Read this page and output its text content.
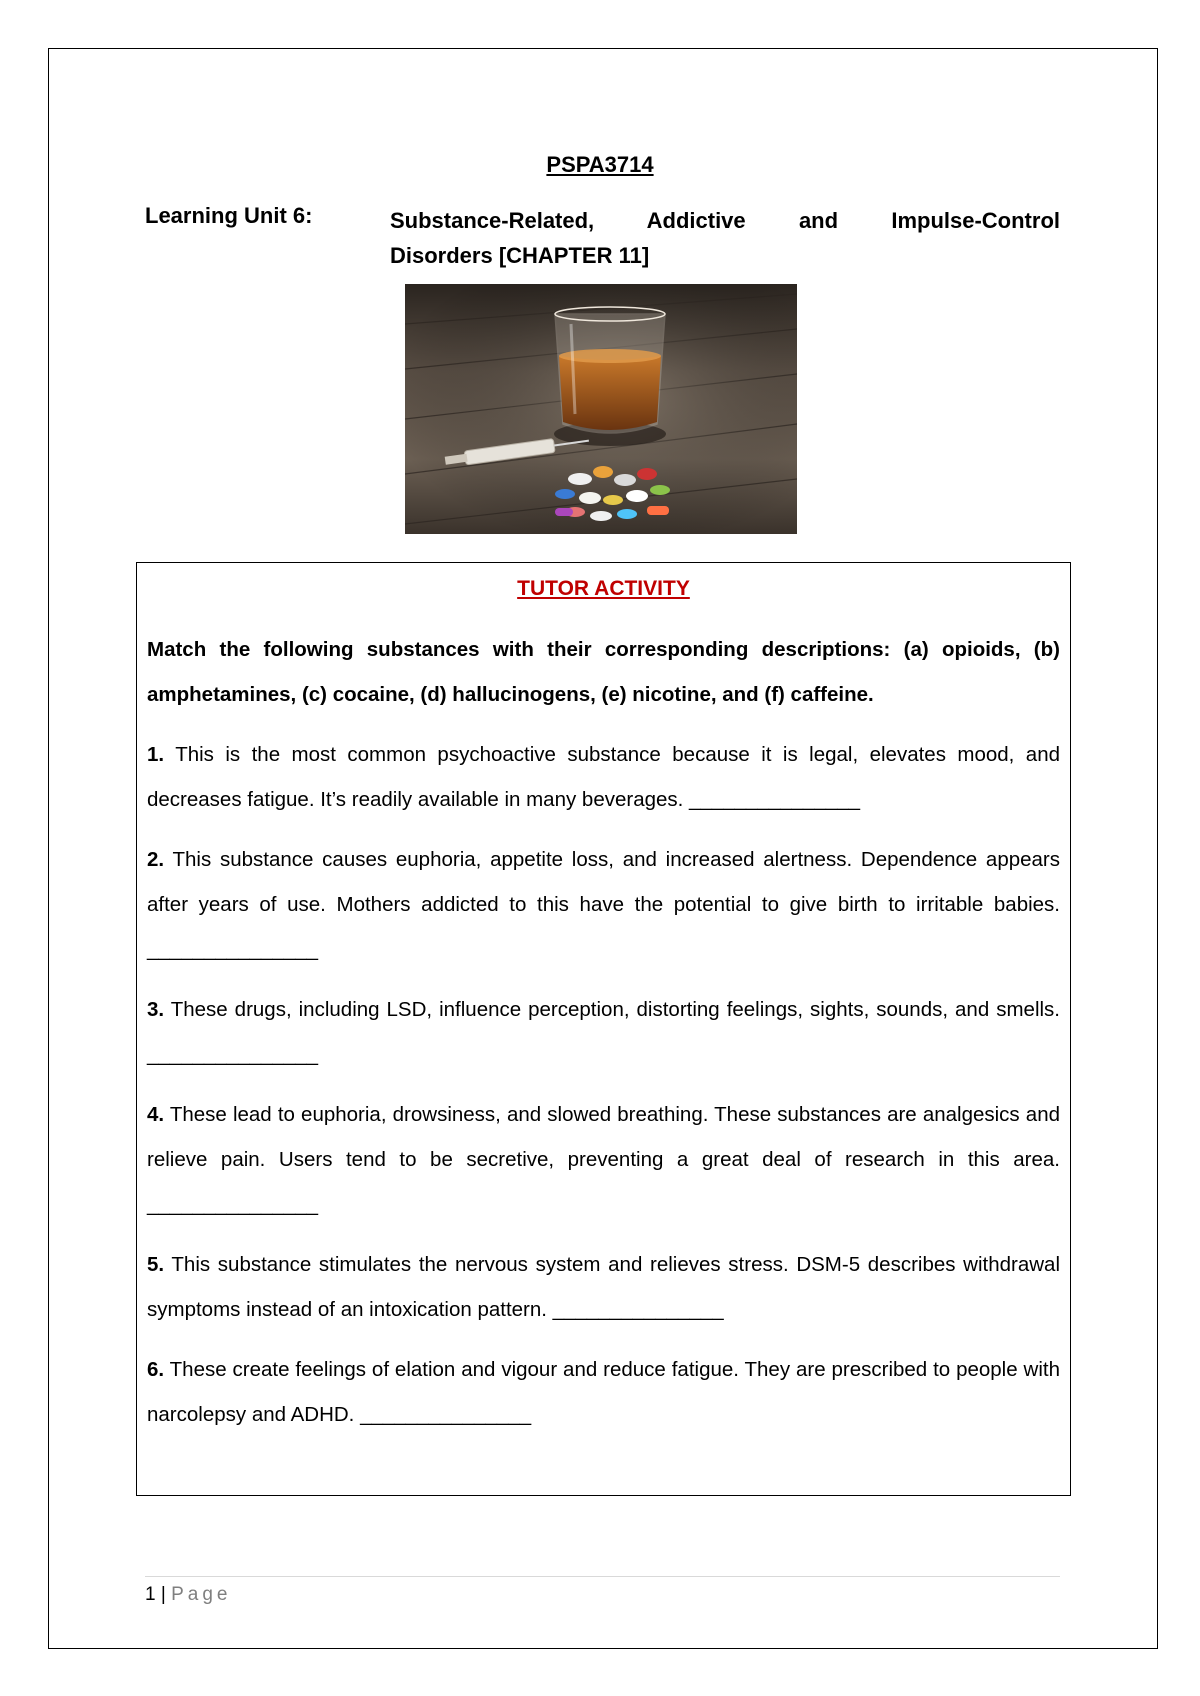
PSPA3714
Learning Unit 6:	Substance-Related, Addictive and Impulse-Control
Disorders [CHAPTER 11]
TUTOR ACTIVITY

Match the following substances with their corresponding descriptions: (a) opioids, (b) amphetamines, (c) cocaine, (d) hallucinogens, (e) nicotine, and (f) caffeine.

1. This is the most common psychoactive substance because it is legal, elevates mood, and decreases fatigue. It’s readily available in many beverages. _______________

2. This substance causes euphoria, appetite loss, and increased alertness. Dependence appears after years of use. Mothers addicted to this have the potential to give birth to irritable babies. _______________

3. These drugs, including LSD, influence perception, distorting feelings, sights, sounds, and smells. _______________

4. These lead to euphoria, drowsiness, and slowed breathing. These substances are analgesics and relieve pain. Users tend to be secretive, preventing a great deal of research in this area. _______________

5. This substance stimulates the nervous system and relieves stress. DSM-5 describes withdrawal symptoms instead of an intoxication pattern. _______________

6. These create feelings of elation and vigour and reduce fatigue. They are prescribed to people with narcolepsy and ADHD. _______________

1 | Page
